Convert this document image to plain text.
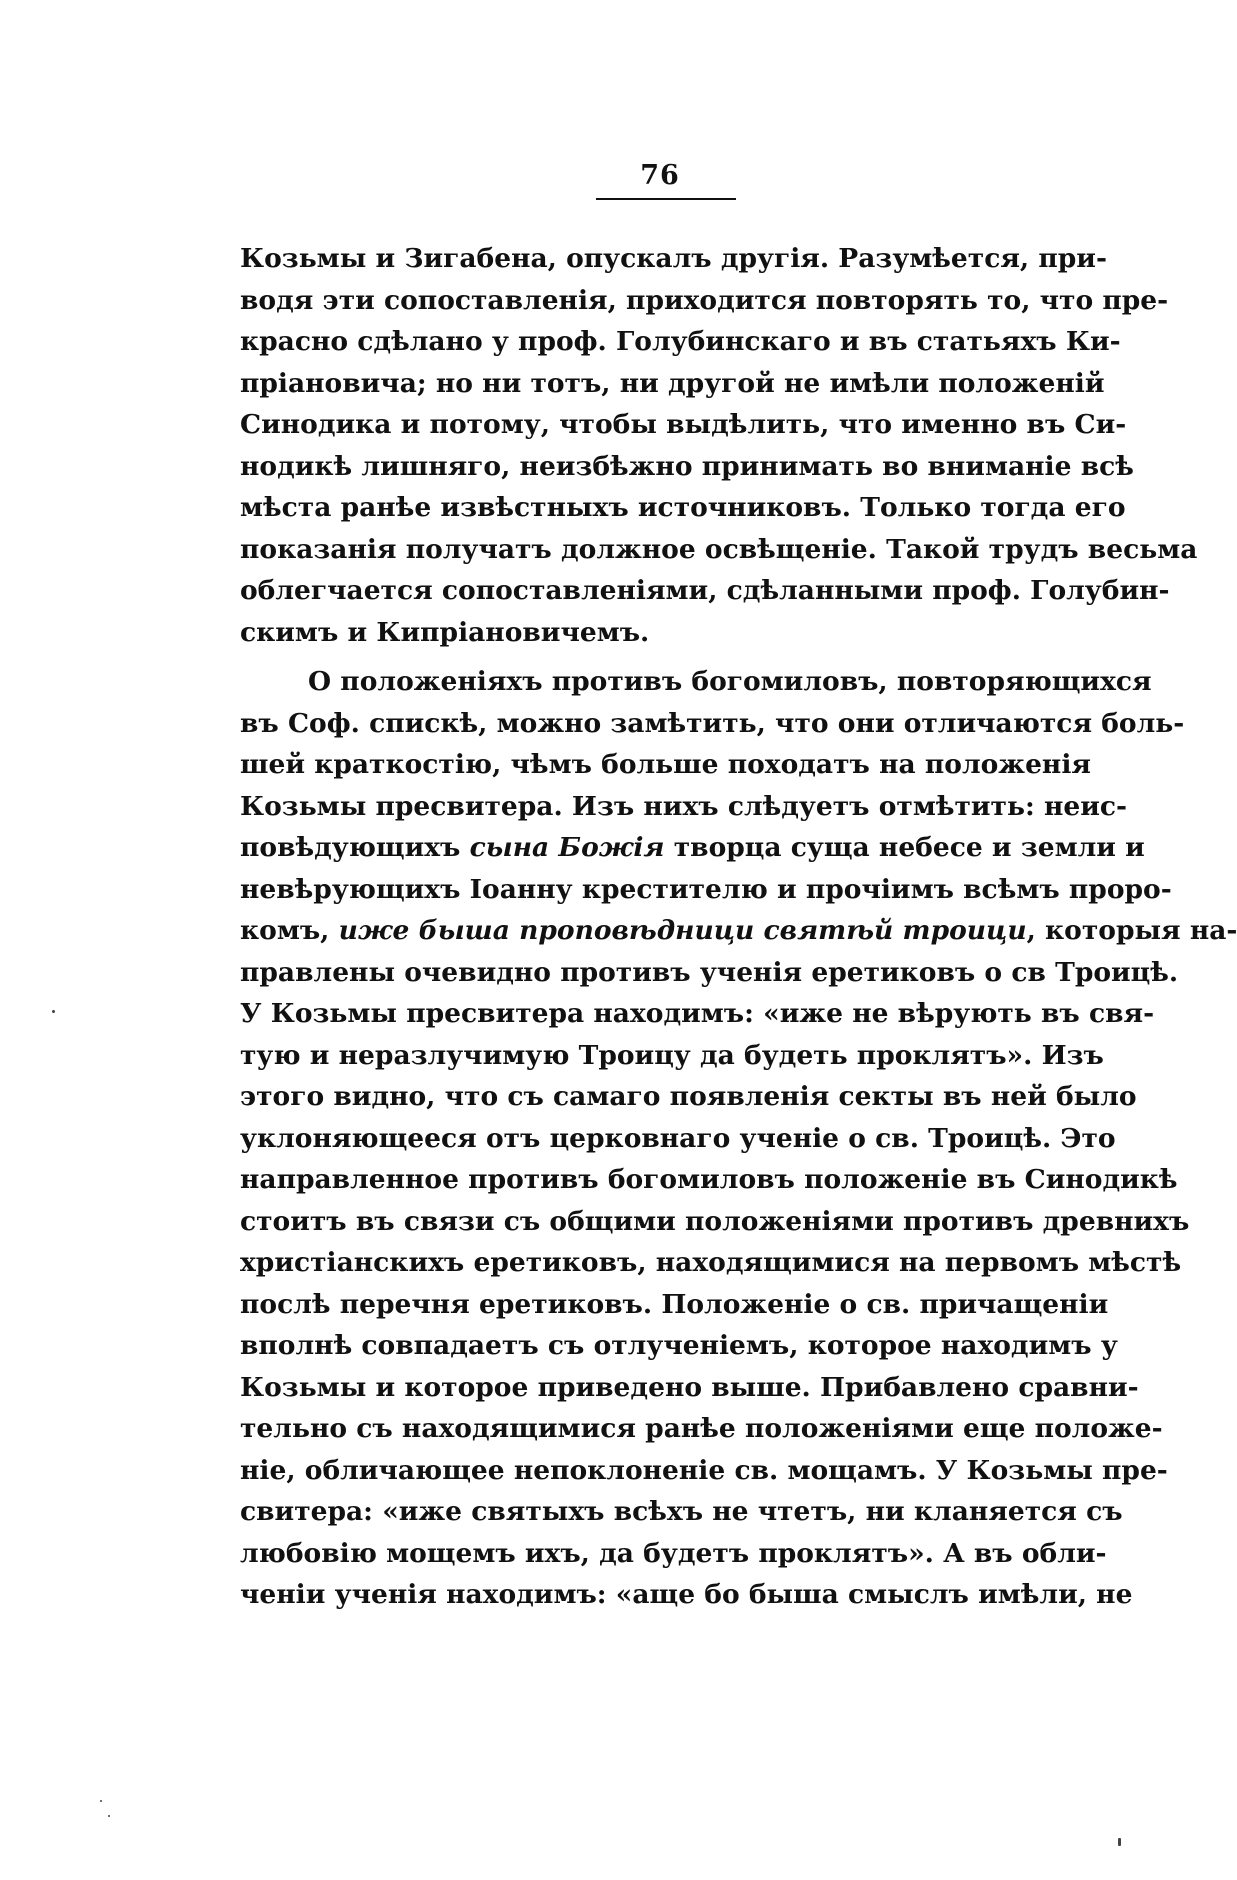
76
Козьмы и Зигабена, опускалъ другія. Разумѣется, при-
водя эти сопоставленія, приходится повторять то, что пре-
красно сдѣлано у проф. Голубинскаго и въ статьяхъ Ки-
пріановича; но ни тотъ, ни другой не имѣли положеній
Синодика и потому, чтобы выдѣлить, что именно въ Си-
нодикѣ лишняго, неизбѣжно принимать во вниманіе всѣ
мѣста ранѣе извѣстныхъ источниковъ. Только тогда его
показанія получатъ должное освѣщеніе. Такой трудъ весьма
облегчается сопоставленіями, сдѣланными проф. Голубин-
скимъ и Кипріановичемъ.
О положеніяхъ противъ богомиловъ, повторяющихся
въ Соф. спискѣ, можно замѣтить, что они отличаются боль-
шей краткостію, чѣмъ больше походатъ на положенія
Козьмы пресвитера. Изъ нихъ слѣдуетъ отмѣтить: неис-
повѣдующихъ сына Божія творца суща небесе и земли и
невѣрующихъ Іоанну крестителю и прочіимъ всѣмъ проро-
комъ, иже быша проповѣдници святѣй троици, которыя на-
правлены очевидно противъ ученія еретиковъ о св Троицѣ.
У Козьмы пресвитера находимъ: «иже не вѣрують въ свя-
тую и неразлучимую Троицу да будеть проклятъ». Изъ
этого видно, что съ самаго появленія секты въ ней было
уклоняющееся отъ церковнаго ученіе о св. Троицѣ. Это
направленное противъ богомиловъ положеніе въ Синодикѣ
стоитъ въ связи съ общими положеніями противъ древнихъ
христіанскихъ еретиковъ, находящимися на первомъ мѣстѣ
послѣ перечня еретиковъ. Положеніе о св. причащеніи
вполнѣ совпадаетъ съ отлученіемъ, которое находимъ у
Козьмы и которое приведено выше. Прибавлено сравни-
тельно съ находящимися ранѣе положеніями еще положе-
ніе, обличающее непоклоненіе св. мощамъ. У Козьмы пре-
свитера: «иже святыхъ всѣхъ не чтетъ, ни кланяется съ
любовію мощемъ ихъ, да будетъ проклятъ». А въ обли-
ченіи ученія находимъ: «аще бо быша смыслъ имѣли, не
